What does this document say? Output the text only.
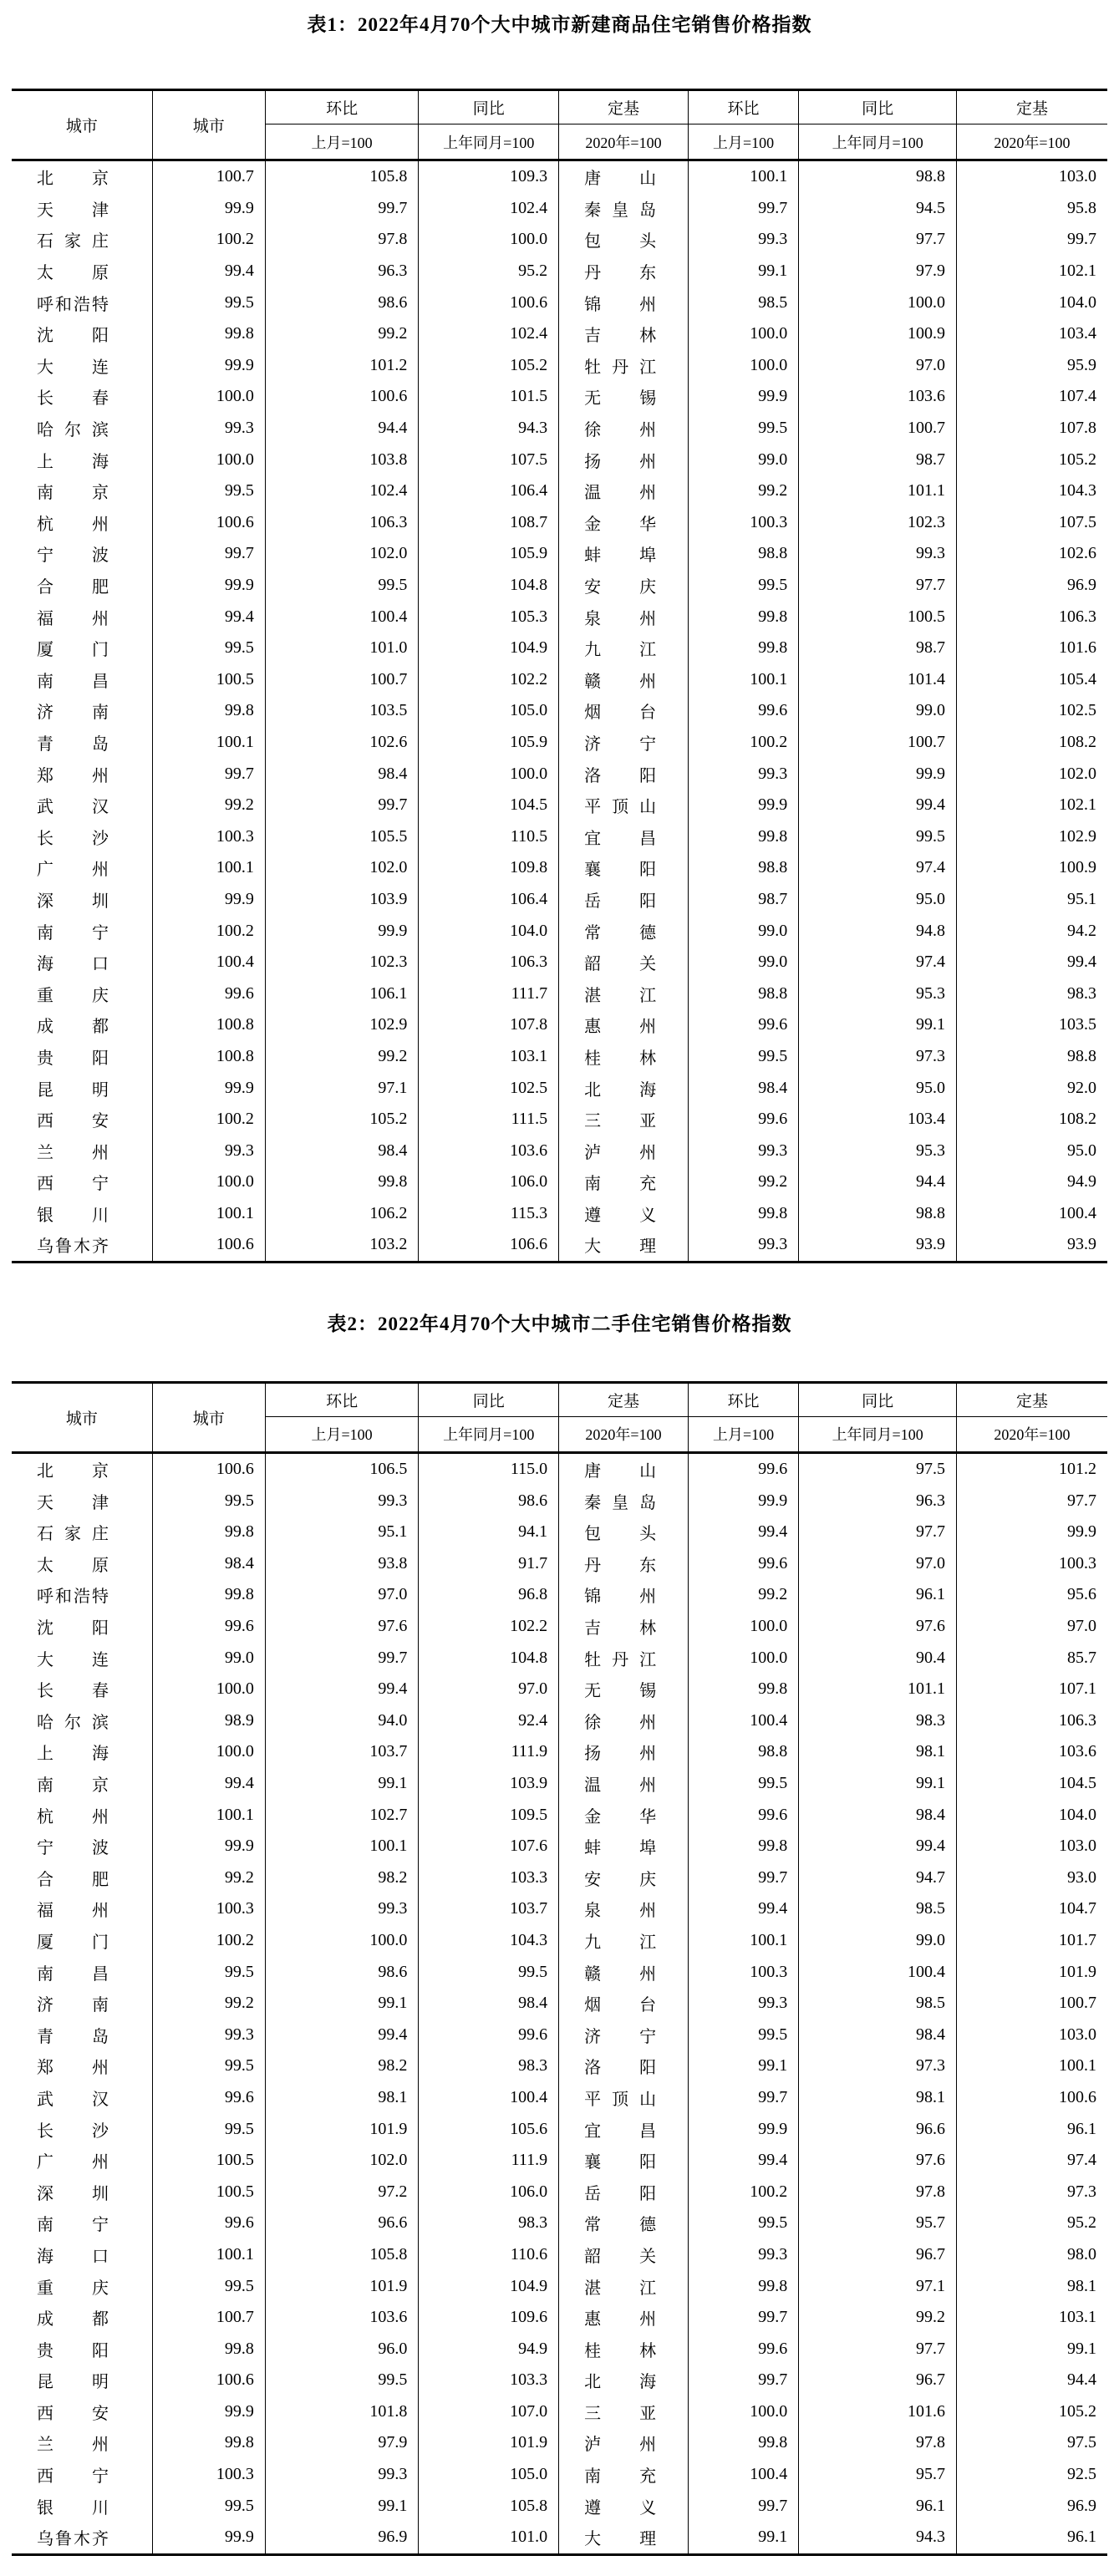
表1：2022年4月70个大中城市新建商品住宅销售价格指数
城市
环比	同比	定基
城市
环比	同比	定基
上月=100	上年同月=100	2020年=100	上月=100	上年同月=100	2020年=100
北 京	100.7	105.8	109.3	唐 山	100.1	98.8	103.0
天 津	99.9	99.7	102.4	秦 皇 岛	99.7	94.5	95.8
石 家 庄	100.2	97.8	100.0	包 头	99.3	97.7	99.7
太 原	99.4	96.3	95.2	丹 东	99.1	97.9	102.1
呼 和 浩 特	99.5	98.6	100.6	锦 州	98.5	100.0	104.0
沈 阳	99.8	99.2	102.4	吉 林	100.0	100.9	103.4
大 连	99.9	101.2	105.2	牡 丹 江	100.0	97.0	95.9
长 春	100.0	100.6	101.5	无 锡	99.9	103.6	107.4
哈 尔 滨	99.3	94.4	94.3	徐 州	99.5	100.7	107.8
上 海	100.0	103.8	107.5	扬 州	99.0	98.7	105.2
南 京	99.5	102.4	106.4	温 州	99.2	101.1	104.3
杭 州	100.6	106.3	108.7	金 华	100.3	102.3	107.5
宁 波	99.7	102.0	105.9	蚌 埠	98.8	99.3	102.6
合 肥	99.9	99.5	104.8	安 庆	99.5	97.7	96.9
福 州	99.4	100.4	105.3	泉 州	99.8	100.5	106.3
厦 门	99.5	101.0	104.9	九 江	99.8	98.7	101.6
南 昌	100.5	100.7	102.2	赣 州	100.1	101.4	105.4
济 南	99.8	103.5	105.0	烟 台	99.6	99.0	102.5
青 岛	100.1	102.6	105.9	济 宁	100.2	100.7	108.2
郑 州	99.7	98.4	100.0	洛 阳	99.3	99.9	102.0
武 汉	99.2	99.7	104.5	平 顶 山	99.9	99.4	102.1
长 沙	100.3	105.5	110.5	宜 昌	99.8	99.5	102.9
广 州	100.1	102.0	109.8	襄 阳	98.8	97.4	100.9
深 圳	99.9	103.9	106.4	岳 阳	98.7	95.0	95.1
南 宁	100.2	99.9	104.0	常 德	99.0	94.8	94.2
海 口	100.4	102.3	106.3	韶 关	99.0	97.4	99.4
重 庆	99.6	106.1	111.7	湛 江	98.8	95.3	98.3
成 都	100.8	102.9	107.8	惠 州	99.6	99.1	103.5
贵 阳	100.8	99.2	103.1	桂 林	99.5	97.3	98.8
昆 明	99.9	97.1	102.5	北 海	98.4	95.0	92.0
西 安	100.2	105.2	111.5	三 亚	99.6	103.4	108.2
兰 州	99.3	98.4	103.6	泸 州	99.3	95.3	95.0
西 宁	100.0	99.8	106.0	南 充	99.2	94.4	94.9
银 川	100.1	106.2	115.3	遵 义	99.8	98.8	100.4
乌 鲁 木 齐	100.6	103.2	106.6	大 理	99.3	93.9	93.9
表2：2022年4月70个大中城市二手住宅销售价格指数
城市
环比	同比	定基
城市
环比	同比	定基
上月=100	上年同月=100	2020年=100	上月=100	上年同月=100	2020年=100
北 京	100.6	106.5	115.0	唐 山	99.6	97.5	101.2
天 津	99.5	99.3	98.6	秦 皇 岛	99.9	96.3	97.7
石 家 庄	99.8	95.1	94.1	包 头	99.4	97.7	99.9
太 原	98.4	93.8	91.7	丹 东	99.6	97.0	100.3
呼 和 浩 特	99.8	97.0	96.8	锦 州	99.2	96.1	95.6
沈 阳	99.6	97.6	102.2	吉 林	100.0	97.6	97.0
大 连	99.0	99.7	104.8	牡 丹 江	100.0	90.4	85.7
长 春	100.0	99.4	97.0	无 锡	99.8	101.1	107.1
哈 尔 滨	98.9	94.0	92.4	徐 州	100.4	98.3	106.3
上 海	100.0	103.7	111.9	扬 州	98.8	98.1	103.6
南 京	99.4	99.1	103.9	温 州	99.5	99.1	104.5
杭 州	100.1	102.7	109.5	金 华	99.6	98.4	104.0
宁 波	99.9	100.1	107.6	蚌 埠	99.8	99.4	103.0
合 肥	99.2	98.2	103.3	安 庆	99.7	94.7	93.0
福 州	100.3	99.3	103.7	泉 州	99.4	98.5	104.7
厦 门	100.2	100.0	104.3	九 江	100.1	99.0	101.7
南 昌	99.5	98.6	99.5	赣 州	100.3	100.4	101.9
济 南	99.2	99.1	98.4	烟 台	99.3	98.5	100.7
青 岛	99.3	99.4	99.6	济 宁	99.5	98.4	103.0
郑 州	99.5	98.2	98.3	洛 阳	99.1	97.3	100.1
武 汉	99.6	98.1	100.4	平 顶 山	99.7	98.1	100.6
长 沙	99.5	101.9	105.6	宜 昌	99.9	96.6	96.1
广 州	100.5	102.0	111.9	襄 阳	99.4	97.6	97.4
深 圳	100.5	97.2	106.0	岳 阳	100.2	97.8	97.3
南 宁	99.6	96.6	98.3	常 德	99.5	95.7	95.2
海 口	100.1	105.8	110.6	韶 关	99.3	96.7	98.0
重 庆	99.5	101.9	104.9	湛 江	99.8	97.1	98.1
成 都	100.7	103.6	109.6	惠 州	99.7	99.2	103.1
贵 阳	99.8	96.0	94.9	桂 林	99.6	97.7	99.1
昆 明	100.6	99.5	103.3	北 海	99.7	96.7	94.4
西 安	99.9	101.8	107.0	三 亚	100.0	101.6	105.2
兰 州	99.8	97.9	101.9	泸 州	99.8	97.8	97.5
西 宁	100.3	99.3	105.0	南 充	100.4	95.7	92.5
银 川	99.5	99.1	105.8	遵 义	99.7	96.1	96.9
乌 鲁 木 齐	99.9	96.9	101.0	大 理	99.1	94.3	96.1
